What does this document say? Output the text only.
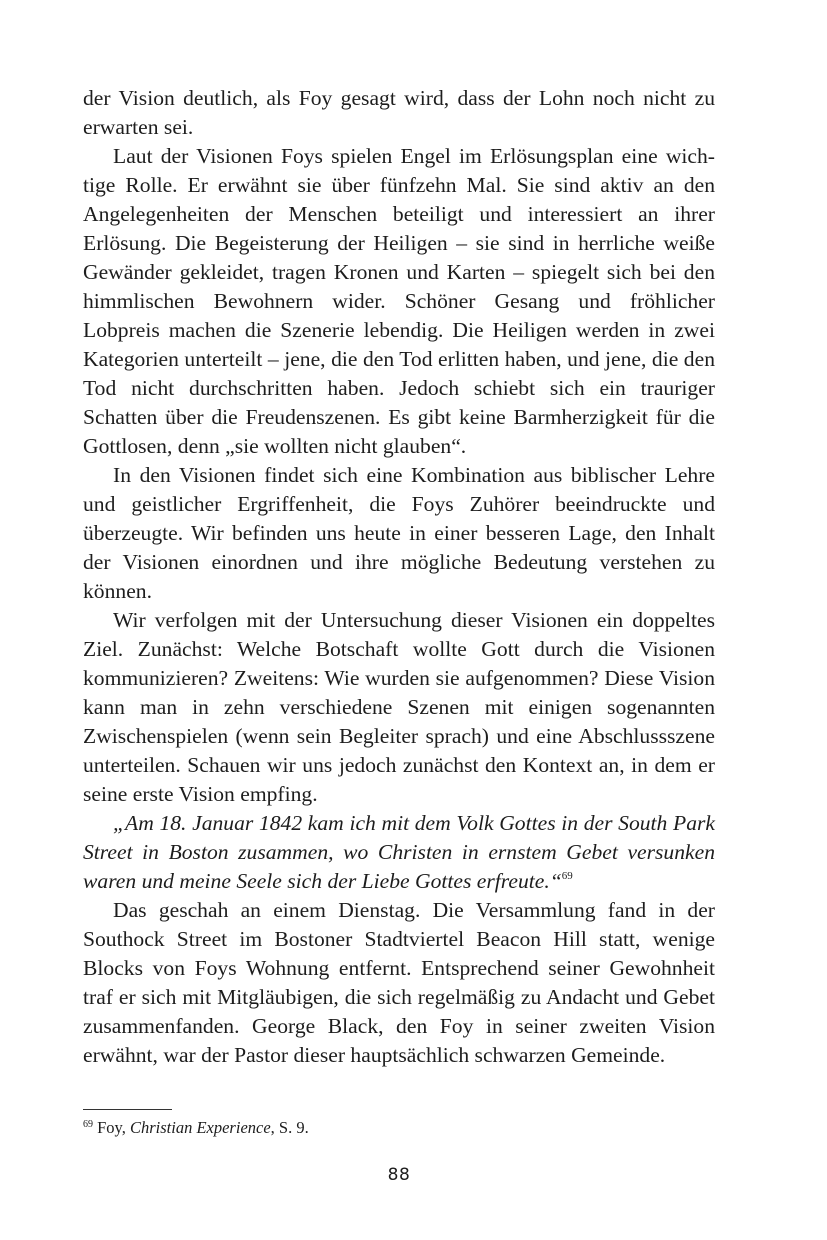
der Vision deutlich, als Foy gesagt wird, dass der Lohn noch nicht zu erwarten sei.

Laut der Visionen Foys spielen Engel im Erlösungsplan eine wichtige Rolle. Er erwähnt sie über fünfzehn Mal. Sie sind aktiv an den Angelegenheiten der Menschen beteiligt und interessiert an ihrer Erlösung. Die Begeisterung der Heiligen – sie sind in herrliche weiße Gewänder gekleidet, tragen Kronen und Karten – spiegelt sich bei den himmlischen Bewohnern wider. Schöner Gesang und fröhlicher Lobpreis machen die Szenerie lebendig. Die Heiligen werden in zwei Kategorien unterteilt – jene, die den Tod erlitten haben, und jene, die den Tod nicht durchschritten haben. Jedoch schiebt sich ein trauriger Schatten über die Freudenszenen. Es gibt keine Barmherzigkeit für die Gottlosen, denn „sie wollten nicht glauben“.

In den Visionen findet sich eine Kombination aus biblischer Lehre und geistlicher Ergriffenheit, die Foys Zuhörer beeindruckte und überzeugte. Wir befinden uns heute in einer besseren Lage, den Inhalt der Visionen einordnen und ihre mögliche Bedeutung verstehen zu können.

Wir verfolgen mit der Untersuchung dieser Visionen ein doppeltes Ziel. Zunächst: Welche Botschaft wollte Gott durch die Visionen kommunizieren? Zweitens: Wie wurden sie aufgenommen? Diese Vision kann man in zehn verschiedene Szenen mit einigen sogenannten Zwischenspielen (wenn sein Begleiter sprach) und eine Abschlussszene unterteilen. Schauen wir uns jedoch zunächst den Kontext an, in dem er seine erste Vision empfing.

„Am 18. Januar 1842 kam ich mit dem Volk Gottes in der South Park Street in Boston zusammen, wo Christen in ernstem Gebet versunken waren und meine Seele sich der Liebe Gottes erfreute.“$^{69}$

Das geschah an einem Dienstag. Die Versammlung fand in der Southock Street im Bostoner Stadtviertel Beacon Hill statt, wenige Blocks von Foys Wohnung entfernt. Entsprechend seiner Gewohnheit traf er sich mit Mitgläubigen, die sich regelmäßig zu Andacht und Gebet zusammenfanden. George Black, den Foy in seiner zweiten Vision erwähnt, war der Pastor dieser hauptsächlich schwarzen Gemeinde.

$^{69}$ Foy, Christian Experience, S. 9.
88
